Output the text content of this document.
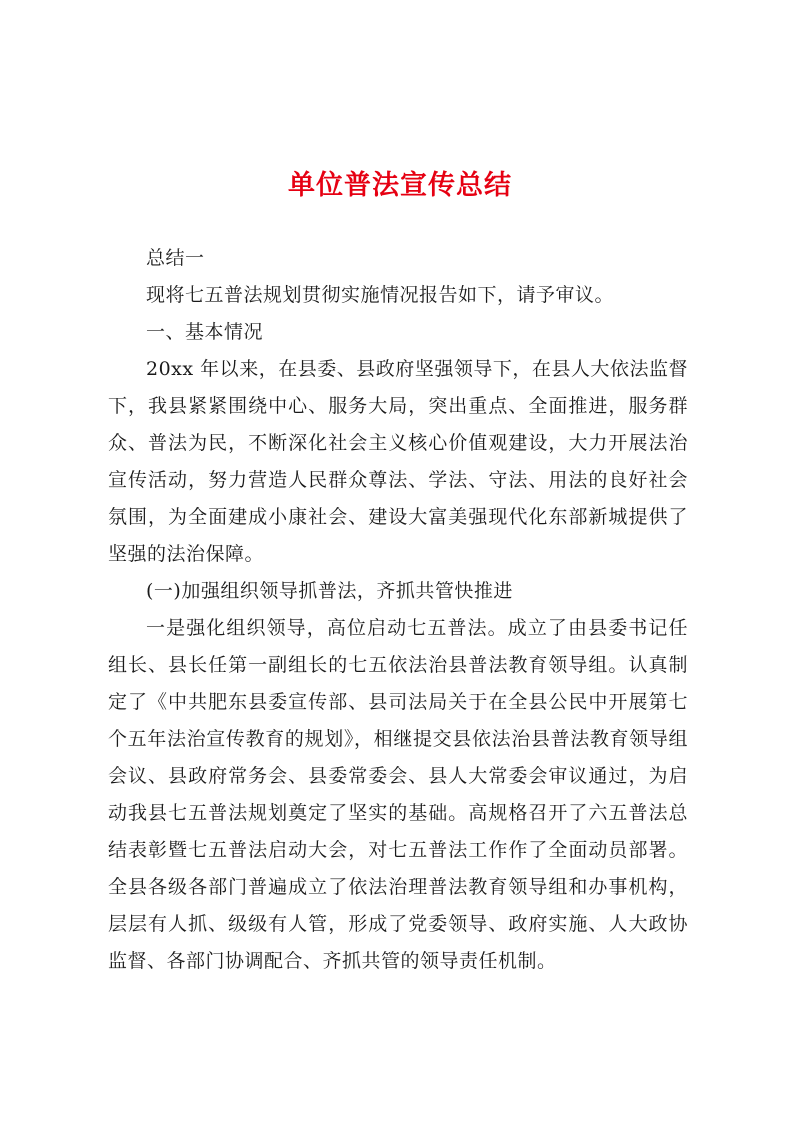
单位普法宣传总结

总结一

现将七五普法规划贯彻实施情况报告如下，请予审议。

一、基本情况

20xx 年以来，在县委、县政府坚强领导下，在县人大依法监督下，我县紧紧围绕中心、服务大局，突出重点、全面推进，服务群众、普法为民，不断深化社会主义核心价值观建设，大力开展法治宣传活动，努力营造人民群众尊法、学法、守法、用法的良好社会氛围，为全面建成小康社会、建设大富美强现代化东部新城提供了坚强的法治保障。

(一)加强组织领导抓普法，齐抓共管快推进

一是强化组织领导，高位启动七五普法。成立了由县委书记任组长、县长任第一副组长的七五依法治县普法教育领导组。认真制定了《中共肥东县委宣传部、县司法局关于在全县公民中开展第七个五年法治宣传教育的规划》，相继提交县依法治县普法教育领导组会议、县政府常务会、县委常委会、县人大常委会审议通过，为启动我县七五普法规划奠定了坚实的基础。高规格召开了六五普法总结表彰暨七五普法启动大会，对七五普法工作作了全面动员部署。全县各级各部门普遍成立了依法治理普法教育领导组和办事机构，层层有人抓、级级有人管，形成了党委领导、政府实施、人大政协监督、各部门协调配合、齐抓共管的领导责任机制。
